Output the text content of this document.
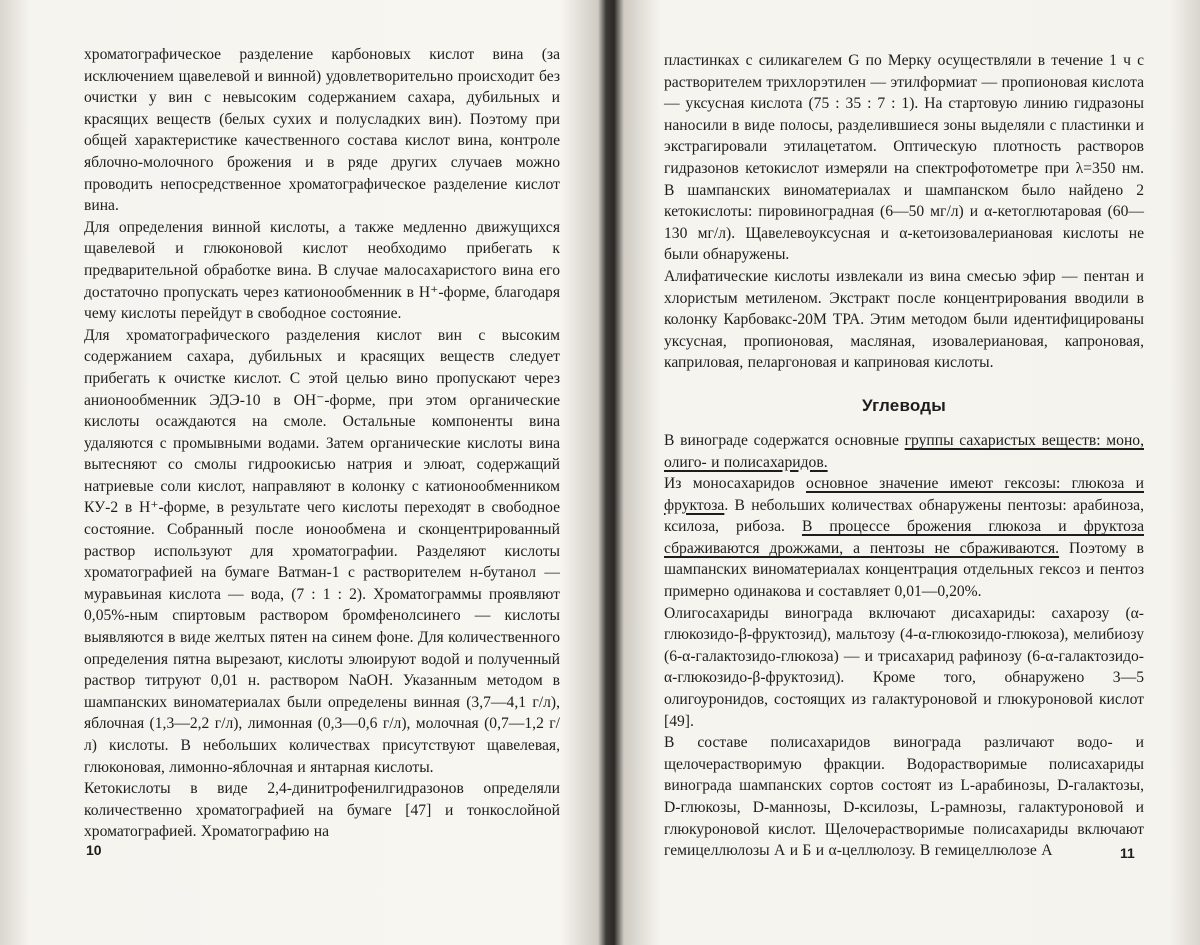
хроматографическое разделение карбоновых кислот вина (за исключением щавелевой и винной) удовлетворительно происходит без очистки у вин с невысоким содержанием сахара, дубильных и красящих веществ (белых сухих и полусладких вин). Поэтому при общей характеристике качественного состава кислот вина, контроле яблочно-молочного брожения и в ряде других случаев можно проводить непосредственное хроматографическое разделение кислот вина.

Для определения винной кислоты, а также медленно движущихся щавелевой и глюконовой кислот необходимо прибегать к предварительной обработке вина. В случае малосахаристого вина его достаточно пропускать через катионообменник в H⁺-форме, благодаря чему кислоты перейдут в свободное состояние.

Для хроматографического разделения кислот вин с высоким содержанием сахара, дубильных и красящих веществ следует прибегать к очистке кислот. С этой целью вино пропускают через анионообменник ЭДЭ-10 в OH⁻-форме, при этом органические кислоты осаждаются на смоле. Остальные компоненты вина удаляются с промывными водами. Затем органические кислоты вина вытесняют со смолы гидроокисью натрия и элюат, содержащий натриевые соли кислот, направляют в колонку с катионообменником КУ-2 в H⁺-форме, в результате чего кислоты переходят в свободное состояние. Собранный после ионообмена и сконцентрированный раствор используют для хроматографии. Разделяют кислоты хроматографией на бумаге Ватман-1 с растворителем н-бутанол — муравьиная кислота — вода, (7 : 1 : 2). Хроматограммы проявляют 0,05%-ным спиртовым раствором бромфенолсинего — кислоты выявляются в виде желтых пятен на синем фоне. Для количественного определения пятна вырезают, кислоты элюируют водой и полученный раствор титруют 0,01 н. раствором NaOH. Указанным методом в шампанских виноматериалах были определены винная (3,7—4,1 г/л), яблочная (1,3—2,2 г/л), лимонная (0,3—0,6 г/л), молочная (0,7—1,2 г/л) кислоты. В небольших количествах присутствуют щавелевая, глюконовая, лимонно-яблочная и янтарная кислоты.

Кетокислоты в виде 2,4-динитрофенилгидразонов определяли количественно хроматографией на бумаге [47] и тонкослойной хроматографией. Хроматографию на

10

пластинках с силикагелем G по Мерку осуществляли в течение 1 ч с растворителем трихлорэтилен — этилформиат — пропионовая кислота — уксусная кислота (75 : 35 : 7 : 1). На стартовую линию гидразоны наносили в виде полосы, разделившиеся зоны выделяли с пластинки и экстрагировали этилацетатом. Оптическую плотность растворов гидразонов кетокислот измеряли на спектрофотометре при λ=350 нм. В шампанских виноматериалах и шампанском было найдено 2 кетокислоты: пировиноградная (6—50 мг/л) и α-кетоглютаровая (60—130 мг/л). Щавелевоуксусная и α-кетоизовалериановая кислоты не были обнаружены.

Алифатические кислоты извлекали из вина смесью эфир — пентан и хлористым метиленом. Экстракт после концентрирования вводили в колонку Карбовакс-20М ТРА. Этим методом были идентифицированы уксусная, пропионовая, масляная, изовалериановая, капроновая, каприловая, пеларгоновая и каприновая кислоты.

Углеводы

В винограде содержатся основные группы сахаристых веществ: моно, олиго- и полисахаридов.

Из моносахаридов основное значение имеют гексозы: глюкоза и фруктоза. В небольших количествах обнаружены пентозы: арабиноза, ксилоза, рибоза. В процессе брожения глюкоза и фруктоза сбраживаются дрожжами, а пентозы не сбраживаются. Поэтому в шампанских виноматериалах концентрация отдельных гексоз и пентоз примерно одинакова и составляет 0,01—0,20%.

Олигосахариды винограда включают дисахариды: сахарозу (α-глюкозидо-β-фруктозид), мальтозу (4-α-глюкозидо-глюкоза), мелибиозу (6-α-галактозидо-глюкоза) — и трисахарид рафинозу (6-α-галактозидо-α-глюкозидо-β-фруктозид). Кроме того, обнаружено 3—5 олигоуронидов, состоящих из галактуроновой и глюкуроновой кислот [49].

В составе полисахаридов винограда различают водо- и щелочерастворимую фракции. Водорастворимые полисахариды винограда шампанских сортов состоят из L-арабинозы, D-галактозы, D-глюкозы, D-маннозы, D-ксилозы, L-рамнозы, галактуроновой и глюкуроновой кислот. Щелочерастворимые полисахариды включают гемицеллюлозы А и Б и α-целлюлозу. В гемицеллюлозе А	11
